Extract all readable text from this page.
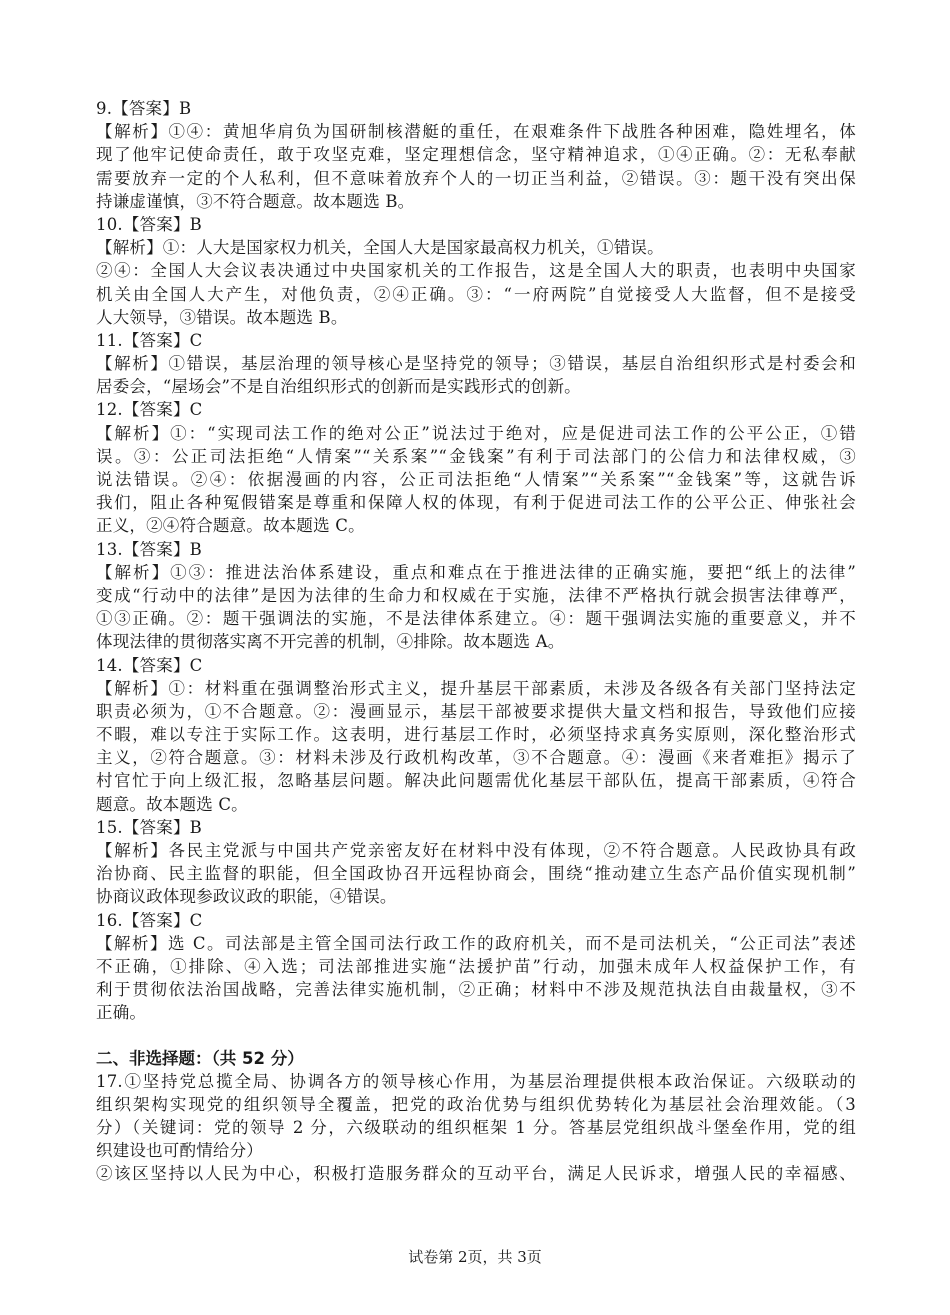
9.【答案】B
【解析】①④：黄旭华肩负为国研制核潜艇的重任，在艰难条件下战胜各种困难，隐姓埋名，体
现了他牢记使命责任，敢于攻坚克难，坚定理想信念，坚守精神追求，①④正确。②：无私奉献
需要放弃一定的个人私利，但不意味着放弃个人的一切正当利益，②错误。③：题干没有突出保
持谦虚谨慎，③不符合题意。故本题选 B。
10.【答案】B
【解析】①：人大是国家权力机关，全国人大是国家最高权力机关，①错误。
②④：全国人大会议表决通过中央国家机关的工作报告，这是全国人大的职责，也表明中央国家
机关由全国人大产生，对他负责，②④正确。③：“一府两院”自觉接受人大监督，但不是接受
人大领导，③错误。故本题选 B。
11.【答案】C
【解析】①错误，基层治理的领导核心是坚持党的领导；③错误，基层自治组织形式是村委会和
居委会，“屋场会”不是自治组织形式的创新而是实践形式的创新。
12.【答案】C
【解析】①：“实现司法工作的绝对公正”说法过于绝对，应是促进司法工作的公平公正，①错
误。③：公正司法拒绝“人情案”“关系案”“金钱案”有利于司法部门的公信力和法律权威，③
说法错误。②④：依据漫画的内容，公正司法拒绝“人情案”“关系案”“金钱案”等，这就告诉
我们，阻止各种冤假错案是尊重和保障人权的体现，有利于促进司法工作的公平公正、伸张社会
正义，②④符合题意。故本题选 C。
13.【答案】B
【解析】①③：推进法治体系建设，重点和难点在于推进法律的正确实施，要把“纸上的法律”
变成“行动中的法律”是因为法律的生命力和权威在于实施，法律不严格执行就会损害法律尊严，
①③正确。②：题干强调法的实施，不是法律体系建立。④：题干强调法实施的重要意义，并不
体现法律的贯彻落实离不开完善的机制，④排除。故本题选 A。
14.【答案】C
【解析】①：材料重在强调整治形式主义，提升基层干部素质，未涉及各级各有关部门坚持法定
职责必须为，①不合题意。②：漫画显示，基层干部被要求提供大量文档和报告，导致他们应接
不暇，难以专注于实际工作。这表明，进行基层工作时，必须坚持求真务实原则，深化整治形式
主义，②符合题意。③：材料未涉及行政机构改革，③不合题意。④：漫画《来者难拒》揭示了
村官忙于向上级汇报，忽略基层问题。解决此问题需优化基层干部队伍，提高干部素质，④符合
题意。故本题选 C。
15.【答案】B
【解析】各民主党派与中国共产党亲密友好在材料中没有体现，②不符合题意。人民政协具有政
治协商、民主监督的职能，但全国政协召开远程协商会，围绕“推动建立生态产品价值实现机制”
协商议政体现参政议政的职能，④错误。
16.【答案】C
【解析】选 C。司法部是主管全国司法行政工作的政府机关，而不是司法机关，“公正司法”表述
不正确，①排除、④入选；司法部推进实施“法援护苗”行动，加强未成年人权益保护工作，有
利于贯彻依法治国战略，完善法律实施机制，②正确；材料中不涉及规范执法自由裁量权，③不
正确。
二、非选择题：（共 52 分）
17.①坚持党总揽全局、协调各方的领导核心作用，为基层治理提供根本政治保证。六级联动的
组织架构实现党的组织领导全覆盖，把党的政治优势与组织优势转化为基层社会治理效能。（3
分）（关键词：党的领导 2 分，六级联动的组织框架 1 分。答基层党组织战斗堡垒作用，党的组
织建设也可酌情给分）
②该区坚持以人民为中心，积极打造服务群众的互动平台，满足人民诉求，增强人民的幸福感、
试卷第 2页，共 3页
